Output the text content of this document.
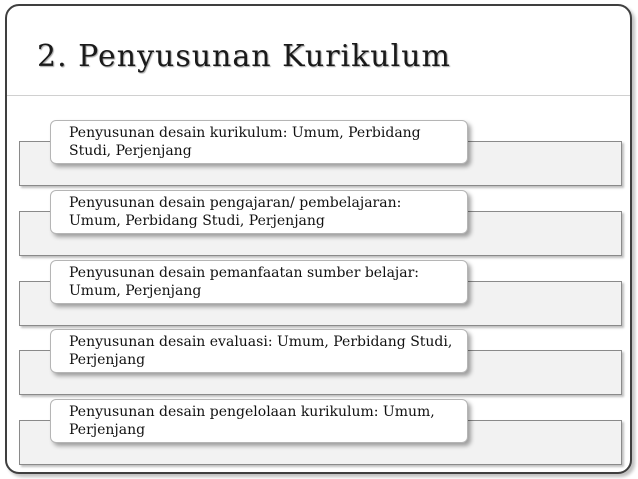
2. Penyusunan Kurikulum
Penyusunan desain kurikulum: Umum, Perbidang Studi, Perjenjang
Penyusunan desain pengajaran/ pembelajaran: Umum, Perbidang Studi, Perjenjang
Penyusunan desain pemanfaatan sumber belajar: Umum, Perjenjang
Penyusunan desain evaluasi: Umum, Perbidang Studi, Perjenjang
Penyusunan desain pengelolaan kurikulum: Umum, Perjenjang
